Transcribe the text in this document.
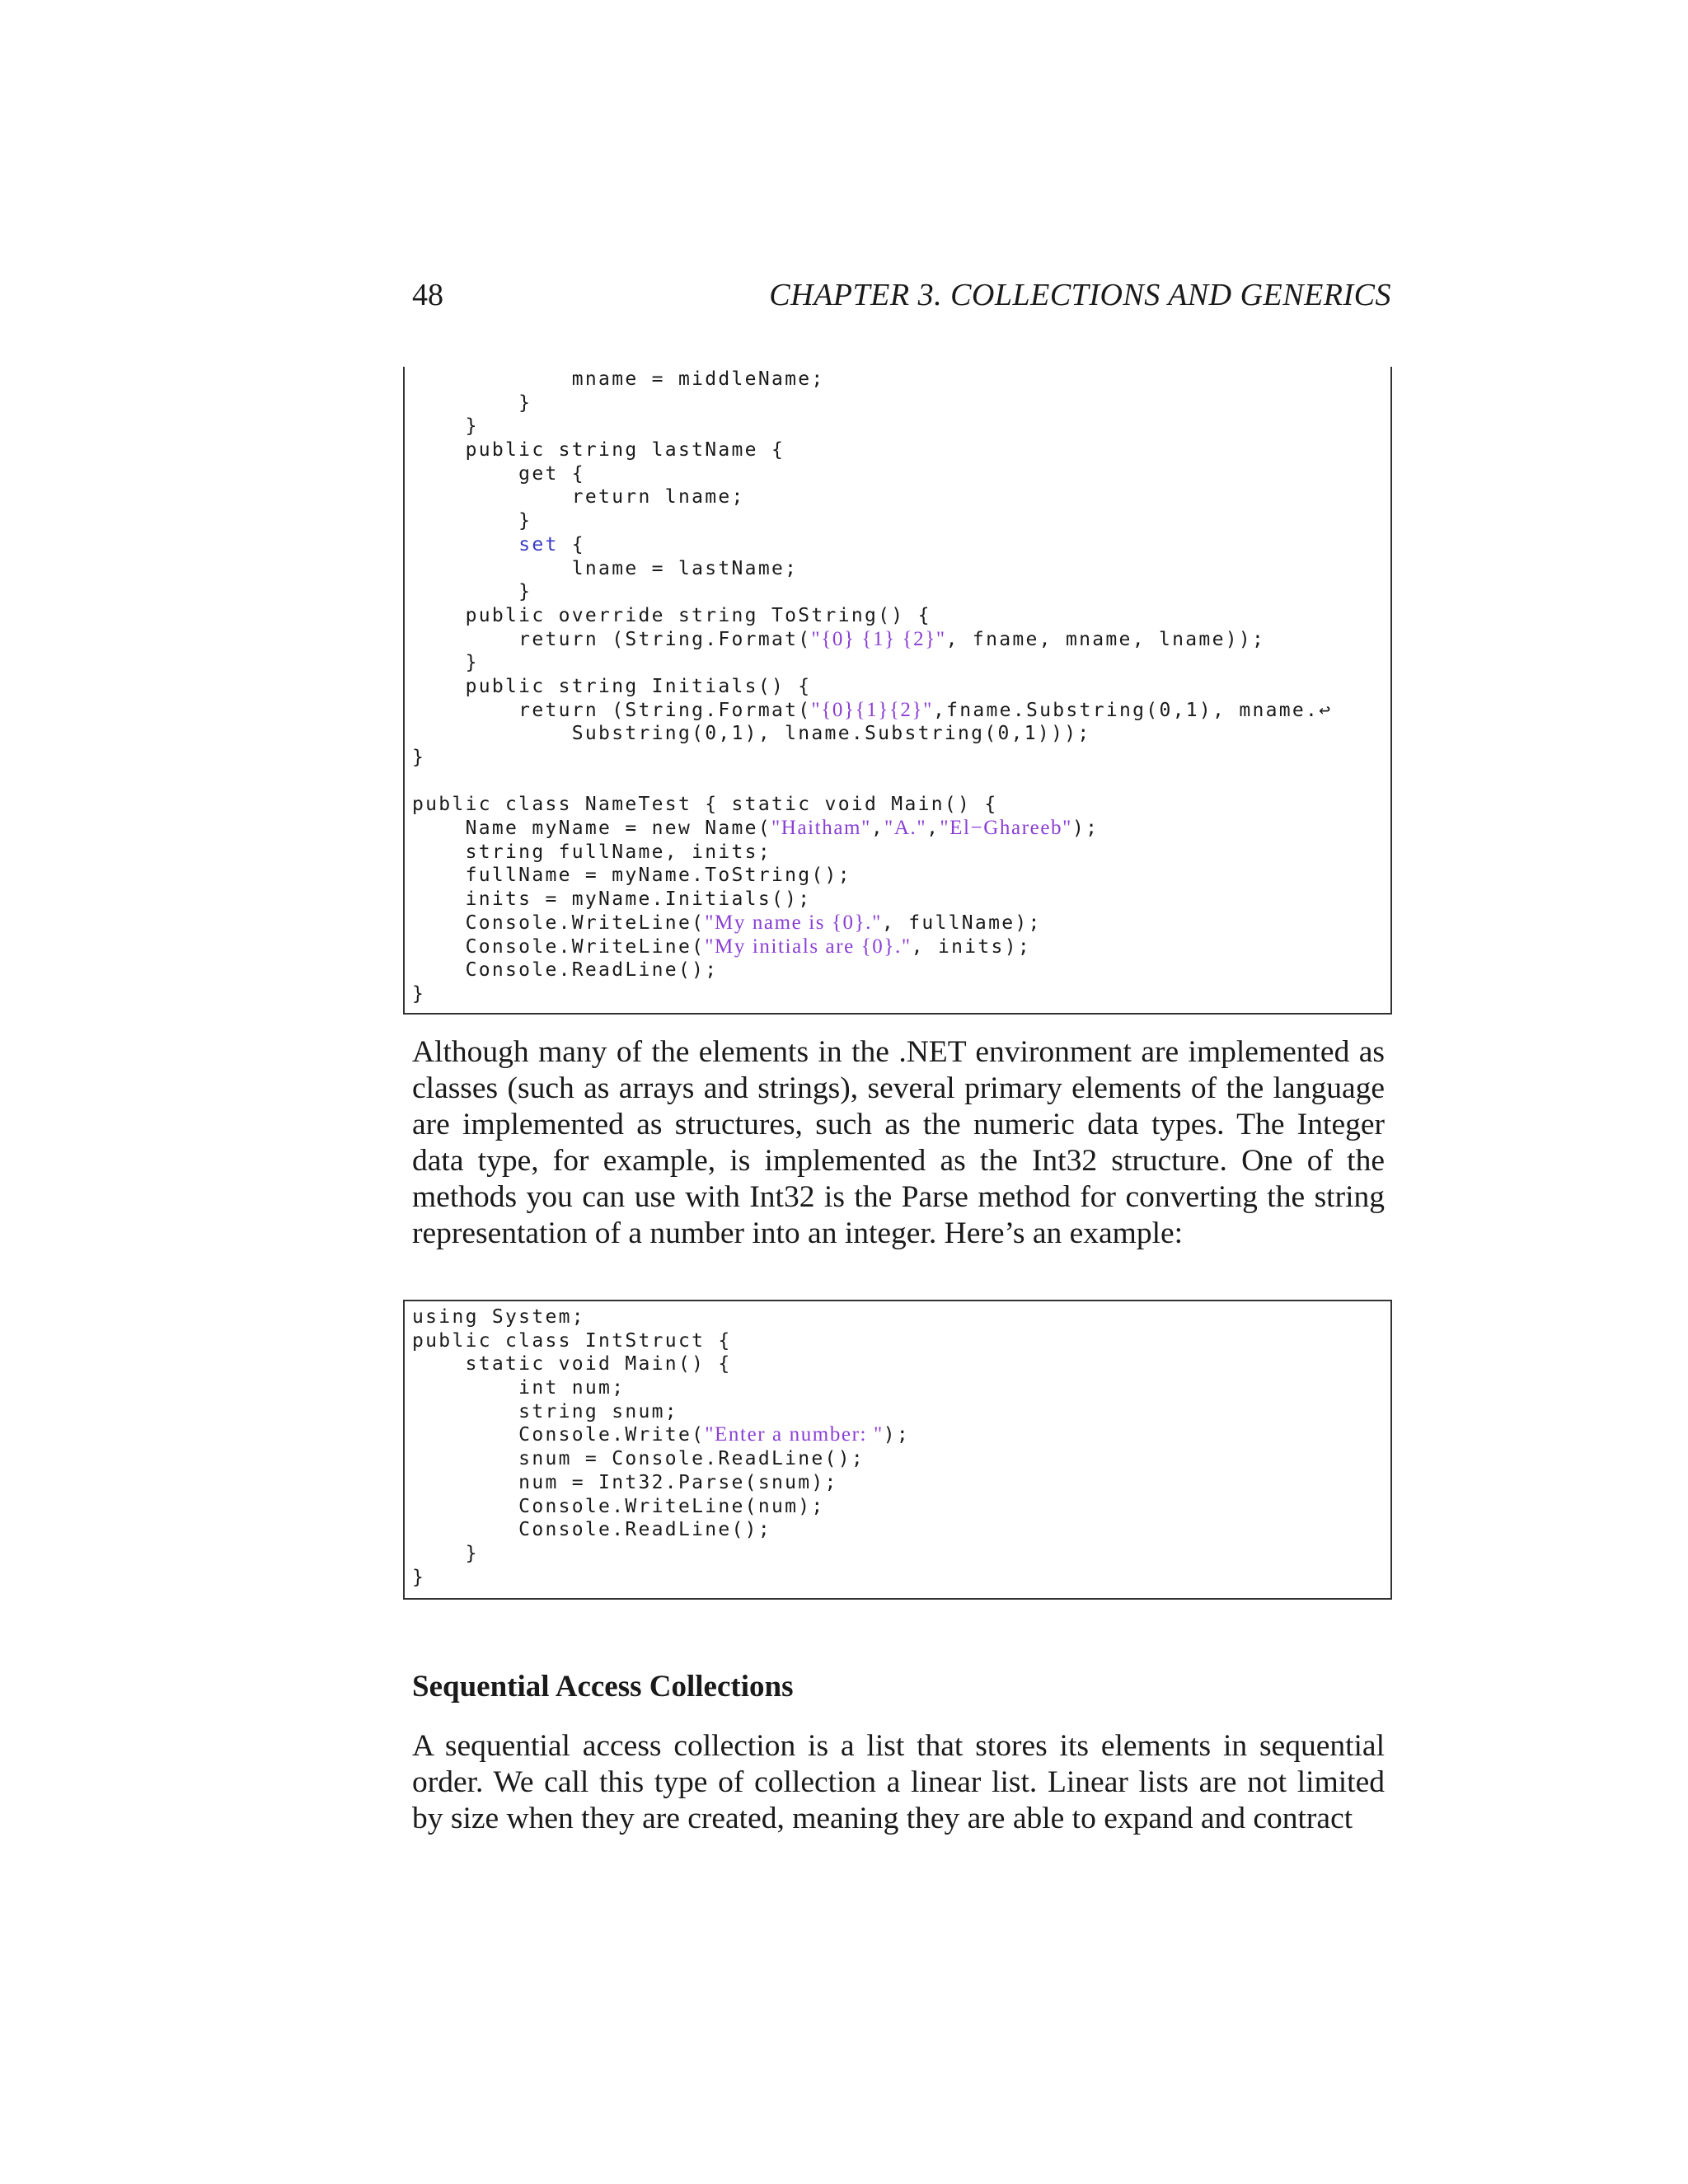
48	CHAPTER 3. COLLECTIONS AND GENERICS
mname = middleName;
}
}
public string lastName {
get {
return lname;
}
set {
lname = lastName;
}
public override string ToString() {
return (String.Format("{0} {1} {2}", fname, mname, lname));
}
public string Initials() {
return (String.Format("{0}{1}{2}",fname.Substring(0,1), mname.↩
Substring(0,1), lname.Substring(0,1)));
}
public class NameTest { static void Main() {
Name myName = new Name("Haitham","A.","El−Ghareeb");
string fullName, inits;
fullName = myName.ToString();
inits = myName.Initials();
Console.WriteLine("My name is {0}.", fullName);
Console.WriteLine("My initials are {0}.", inits);
Console.ReadLine();
}

Although many of the elements in the .NET environment are implemented as classes (such as arrays and strings), several primary elements of the language are implemented as structures, such as the numeric data types. The Integer data type, for example, is implemented as the Int32 structure. One of the methods you can use with Int32 is the Parse method for converting the string representation of a number into an integer. Here’s an example:

using System;
public class IntStruct {
static void Main() {
int num;
string snum;
Console.Write("Enter a number: ");
snum = Console.ReadLine();
num = Int32.Parse(snum);
Console.WriteLine(num);
Console.ReadLine();
}
}
Sequential Access Collections

A sequential access collection is a list that stores its elements in sequential order. We call this type of collection a linear list. Linear lists are not limited by size when they are created, meaning they are able to expand and contract
